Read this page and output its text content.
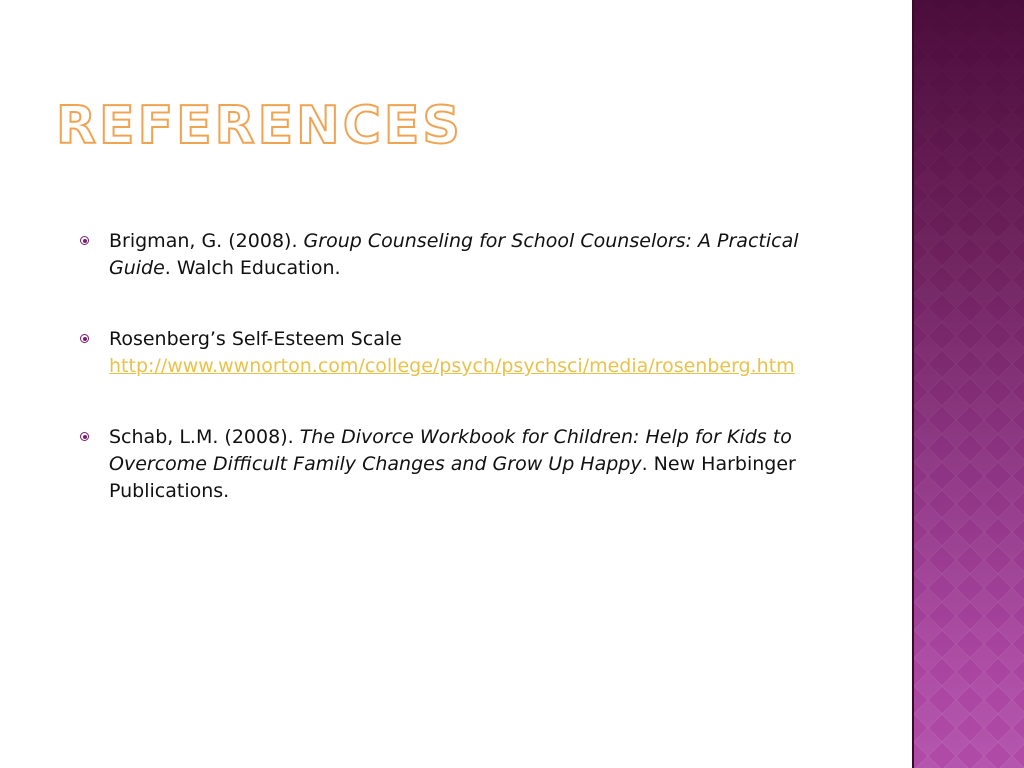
REFERENCES
Brigman, G. (2008). Group Counseling for School Counselors: A Practical Guide. Walch Education.
Rosenberg’s Self-Esteem Scale
http://www.wwnorton.com/college/psych/psychsci/media/rosenberg.htm
Schab, L.M. (2008). The Divorce Workbook for Children: Help for Kids to Overcome Difficult Family Changes and Grow Up Happy. New Harbinger Publications.
